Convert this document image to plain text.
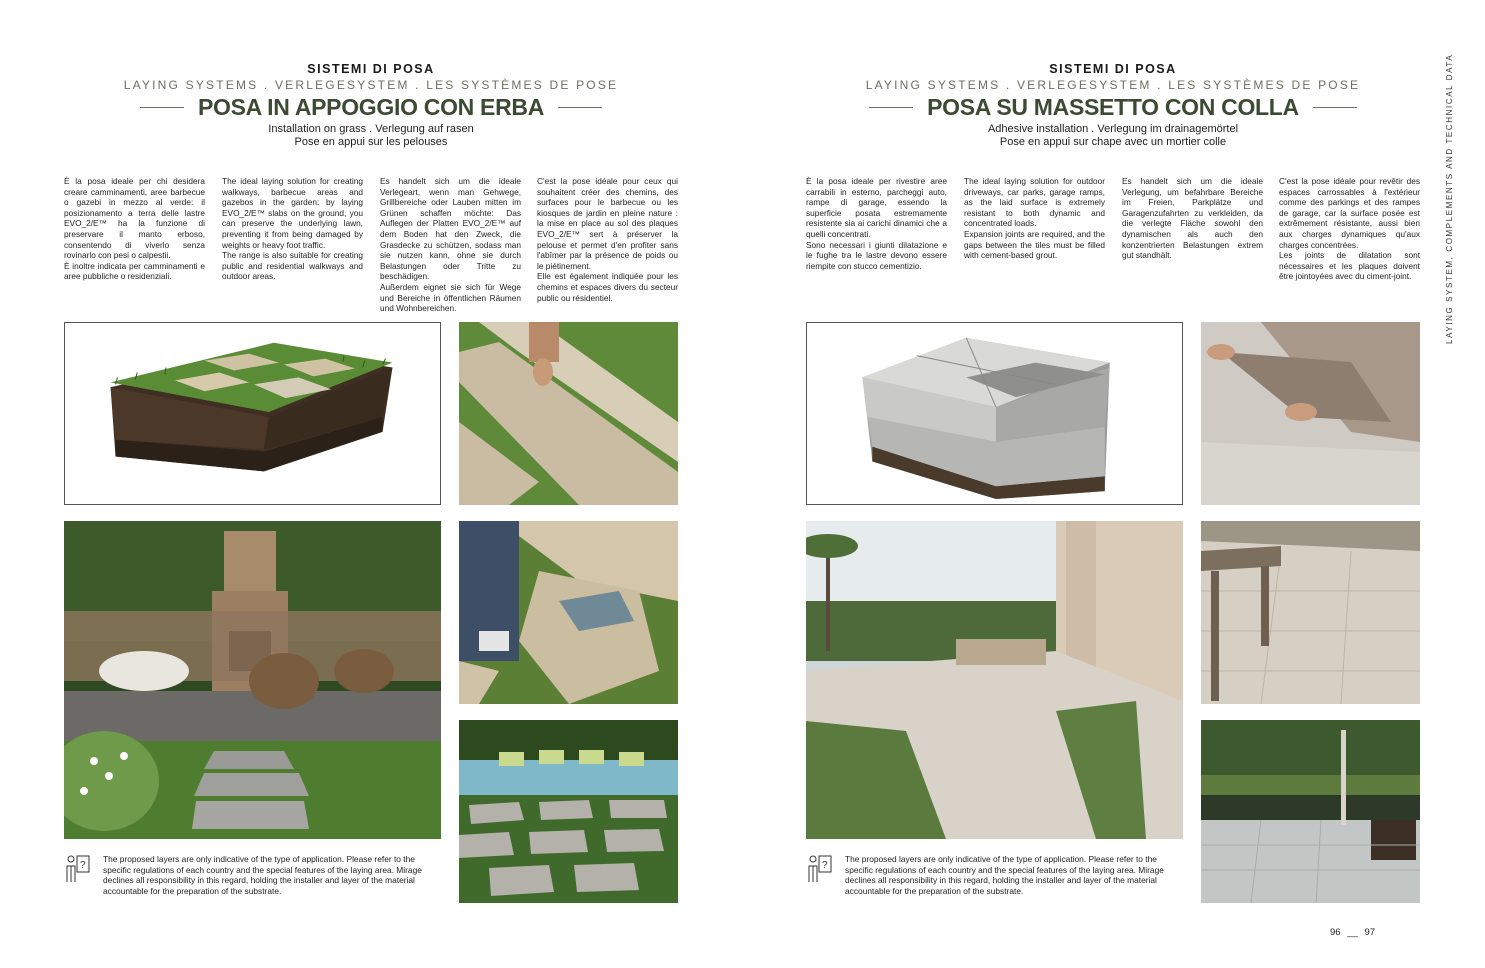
SISTEMI DI POSA
LAYING SYSTEMS . VERLEGESYSTEM . LES SYSTÈMES DE POSE
POSA IN APPOGGIO CON ERBA
Installation on grass . Verlegung auf rasen
Pose en appui sur les pelouses

È la posa ideale per chi desidera creare camminamenti, aree barbecue o gazebi in mezzo al verde: il posizionamento a terra delle lastre EVO_2/E™ ha la funzione di preservare il manto erboso, consentendo di viverlo senza rovinarlo con pesi o calpestii.

È inoltre indicata per camminamenti e aree pubbliche o residenziali.

The ideal laying solution for creating walkways, barbecue areas and gazebos in the garden: by laying EVO_2/E™ slabs on the ground, you can preserve the underlying lawn, preventing it from being damaged by weights or heavy foot traffic.

The range is also suitable for creating public and residential walkways and outdoor areas.

Es handelt sich um die ideale Verlegeart, wenn man Gehwege, Grillbereiche oder Lauben mitten im Grünen schaffen möchte: Das Auflegen der Platten EVO_2/E™ auf dem Boden hat den Zweck, die Grasdecke zu schützen, sodass man sie nutzen kann, ohne sie durch Belastungen oder Tritte zu beschädigen.

Außerdem eignet sie sich für Wege und Bereiche in öffentlichen Räumen und Wohnbereichen.

C'est la pose idéale pour ceux qui souhaitent créer des chemins, des surfaces pour le barbecue ou les kiosques de jardin en pleine nature : la mise en place au sol des plaques EVO_2/E™ sert à préserver la pelouse et permet d'en profiter sans l'abîmer par la présence de poids ou le piétinement.

Elle est également indiquée pour les chemins et espaces divers du secteur public ou résidentiel.

?
The proposed layers are only indicative of the type of application. Please refer to the specific regulations of each country and the special features of the laying area. Mirage declines all responsibility in this regard, holding the installer and layer of the material accountable for the preparation of the substrate.
SISTEMI DI POSA
LAYING SYSTEMS . VERLEGESYSTEM . LES SYSTÈMES DE POSE
POSA SU MASSETTO CON COLLA
Adhesive installation . Verlegung im drainagemörtel
Pose en appui sur chape avec un mortier colle

È la posa ideale per rivestire aree carrabili in esterno, parcheggi auto, rampe di garage, essendo la superficie posata estremamente resistente sia ai carichi dinamici che a quelli concentrati.

Sono necessari i giunti dilatazione e le fughe tra le lastre devono essere riempite con stucco cementizio.

The ideal laying solution for outdoor driveways, car parks, garage ramps, as the laid surface is extremely resistant to both dynamic and concentrated loads.

Expansion joints are required, and the gaps between the tiles must be filled with cement-based grout.

Es handelt sich um die ideale Verlegung, um befahrbare Bereiche im Freien, Parkplätze und Garagenzufahrten zu verkleiden, da die verlegte Fläche sowohl den dynamischen als auch den konzentrierten Belastungen extrem gut standhält.

C'est la pose idéale pour revêtir des espaces carrossables à l'extérieur comme des parkings et des rampes de garage, car la surface posée est extrêmement résistante, aussi bien aux charges dynamiques qu'aux charges concentrées.

Les joints de dilatation sont nécessaires et les plaques doivent être jointoyées avec du ciment-joint.

?
The proposed layers are only indicative of the type of application. Please refer to the specific regulations of each country and the special features of the laying area. Mirage declines all responsibility in this regard, holding the installer and layer of the material accountable for the preparation of the substrate.
LAYING SYSTEM, COMPLEMENTS AND TECHNICAL DATA
96 __ 97
